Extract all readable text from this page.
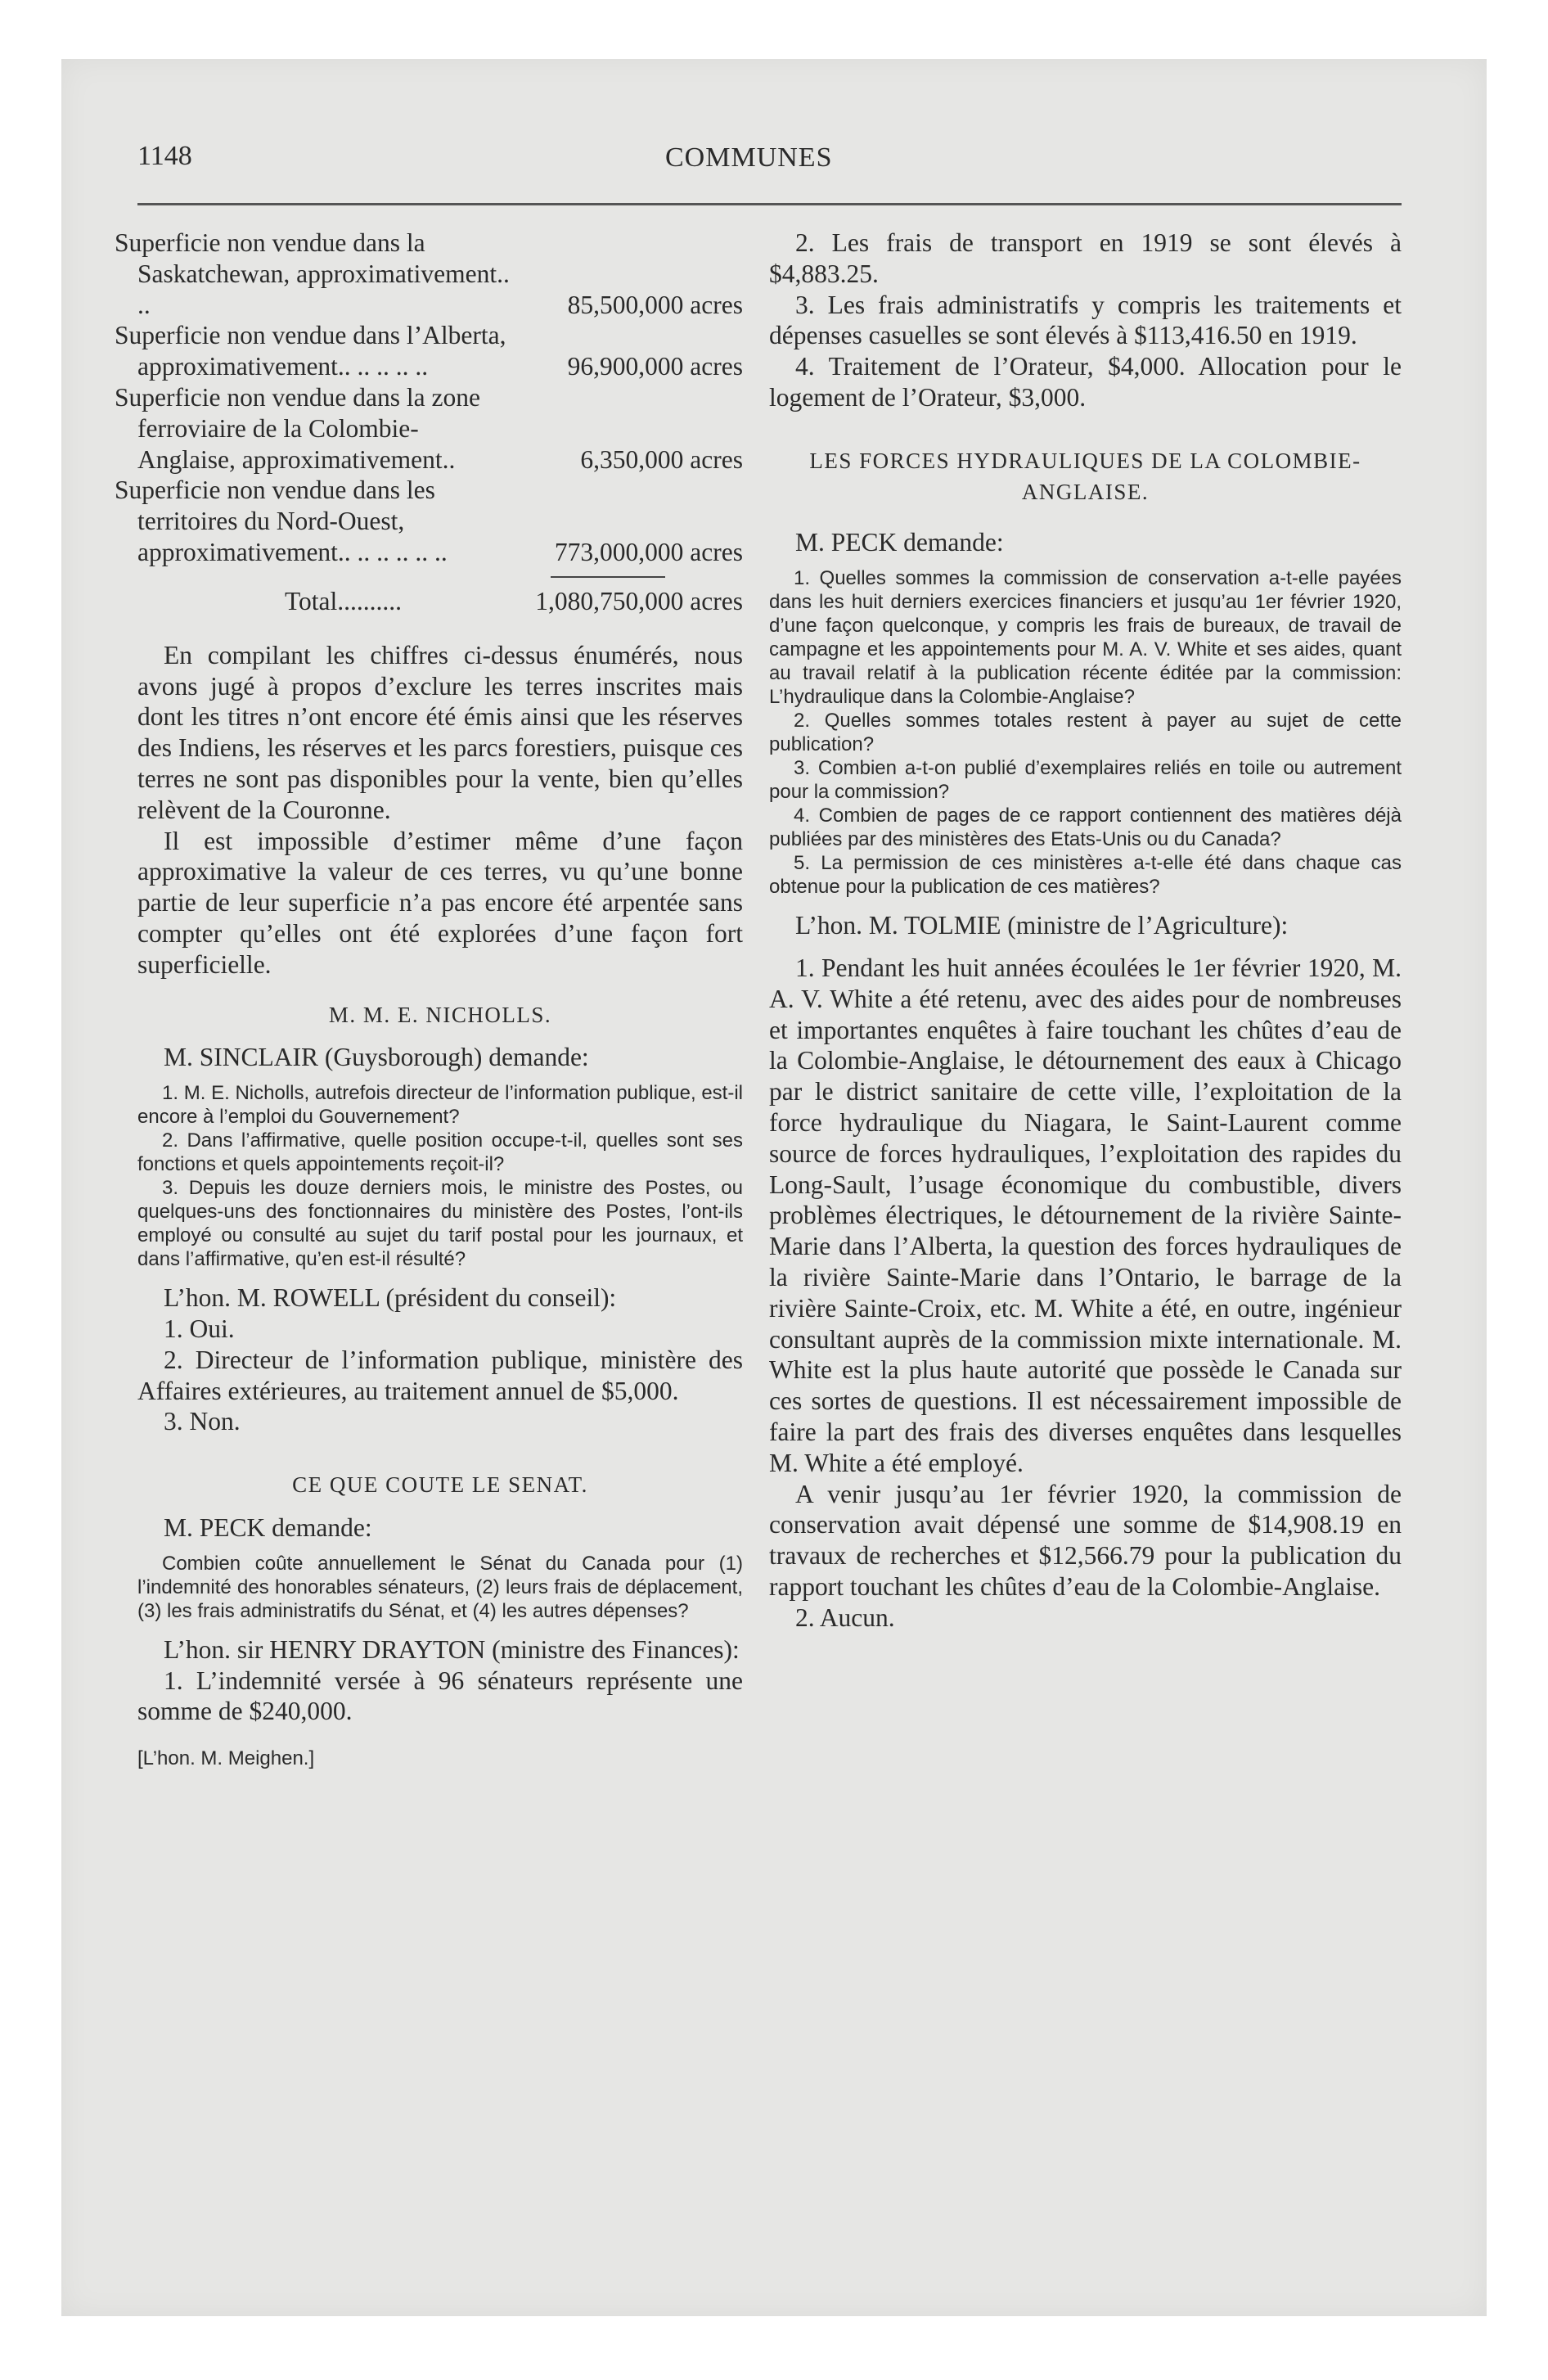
1148	COMMUNES
Superficie non vendue dans la Saskatchewan, approximativement.. ..	85,500,000 acres
Superficie non vendue dans l’Alberta, approximativement.. .. .. .. ..	96,900,000 acres
Superficie non vendue dans la zone ferroviaire de la Colombie-Anglaise, approximativement..	6,350,000 acres
Superficie non vendue dans les territoires du Nord-Ouest, approximativement.. .. .. .. .. ..	773,000,000 acres
Total..........	1,080,750,000 acres

En compilant les chiffres ci-dessus énumérés, nous avons jugé à propos d’exclure les terres inscrites mais dont les titres n’ont encore été émis ainsi que les réserves des Indiens, les réserves et les parcs forestiers, puisque ces terres ne sont pas disponibles pour la vente, bien qu’elles relèvent de la Couronne.

Il est impossible d’estimer même d’une façon approximative la valeur de ces terres, vu qu’une bonne partie de leur superficie n’a pas encore été arpentée sans compter qu’elles ont été explorées d’une façon fort superficielle.

M. M. E. NICHOLLS.

M. SINCLAIR (Guysborough) demande:

1. M. E. Nicholls, autrefois directeur de l’information publique, est-il encore à l’emploi du Gouvernement?

2. Dans l’affirmative, quelle position occupe-t-il, quelles sont ses fonctions et quels appointements reçoit-il?

3. Depuis les douze derniers mois, le ministre des Postes, ou quelques-uns des fonctionnaires du ministère des Postes, l’ont-ils employé ou consulté au sujet du tarif postal pour les journaux, et dans l’affirmative, qu’en est-il résulté?

L’hon. M. ROWELL (président du conseil):

1. Oui.

2. Directeur de l’information publique, ministère des Affaires extérieures, au traitement annuel de $5,000.

3. Non.

CE QUE COUTE LE SENAT.

M. PECK demande:

Combien coûte annuellement le Sénat du Canada pour (1) l’indemnité des honorables sénateurs, (2) leurs frais de déplacement, (3) les frais administratifs du Sénat, et (4) les autres dépenses?

L’hon. sir HENRY DRAYTON (ministre des Finances):

1. L’indemnité versée à 96 sénateurs représente une somme de $240,000.

[L’hon. M. Meighen.]

2. Les frais de transport en 1919 se sont élevés à $4,883.25.

3. Les frais administratifs y compris les traitements et dépenses casuelles se sont élevés à $113,416.50 en 1919.

4. Traitement de l’Orateur, $4,000. Allocation pour le logement de l’Orateur, $3,000.

LES FORCES HYDRAULIQUES DE LA COLOMBIE-ANGLAISE.

M. PECK demande:

1. Quelles sommes la commission de conservation a-t-elle payées dans les huit derniers exercices financiers et jusqu’au 1er février 1920, d’une façon quelconque, y compris les frais de bureaux, de travail de campagne et les appointements pour M. A. V. White et ses aides, quant au travail relatif à la publication récente éditée par la commission: L’hydraulique dans la Colombie-Anglaise?

2. Quelles sommes totales restent à payer au sujet de cette publication?

3. Combien a-t-on publié d’exemplaires reliés en toile ou autrement pour la commission?

4. Combien de pages de ce rapport contiennent des matières déjà publiées par des ministères des Etats-Unis ou du Canada?

5. La permission de ces ministères a-t-elle été dans chaque cas obtenue pour la publication de ces matières?

L’hon. M. TOLMIE (ministre de l’Agriculture):

1. Pendant les huit années écoulées le 1er février 1920, M. A. V. White a été retenu, avec des aides pour de nombreuses et importantes enquêtes à faire touchant les chûtes d’eau de la Colombie-Anglaise, le détournement des eaux à Chicago par le district sanitaire de cette ville, l’exploitation de la force hydraulique du Niagara, le Saint-Laurent comme source de forces hydrauliques, l’exploitation des rapides du Long-Sault, l’usage économique du combustible, divers problèmes électriques, le détournement de la rivière Sainte-Marie dans l’Alberta, la question des forces hydrauliques de la rivière Sainte-Marie dans l’Ontario, le barrage de la rivière Sainte-Croix, etc. M. White a été, en outre, ingénieur consultant auprès de la commission mixte internationale. M. White est la plus haute autorité que possède le Canada sur ces sortes de questions. Il est nécessairement impossible de faire la part des frais des diverses enquêtes dans lesquelles M. White a été employé.

A venir jusqu’au 1er février 1920, la commission de conservation avait dépensé une somme de $14,908.19 en travaux de recherches et $12,566.79 pour la publication du rapport touchant les chûtes d’eau de la Colombie-Anglaise.

2. Aucun.
